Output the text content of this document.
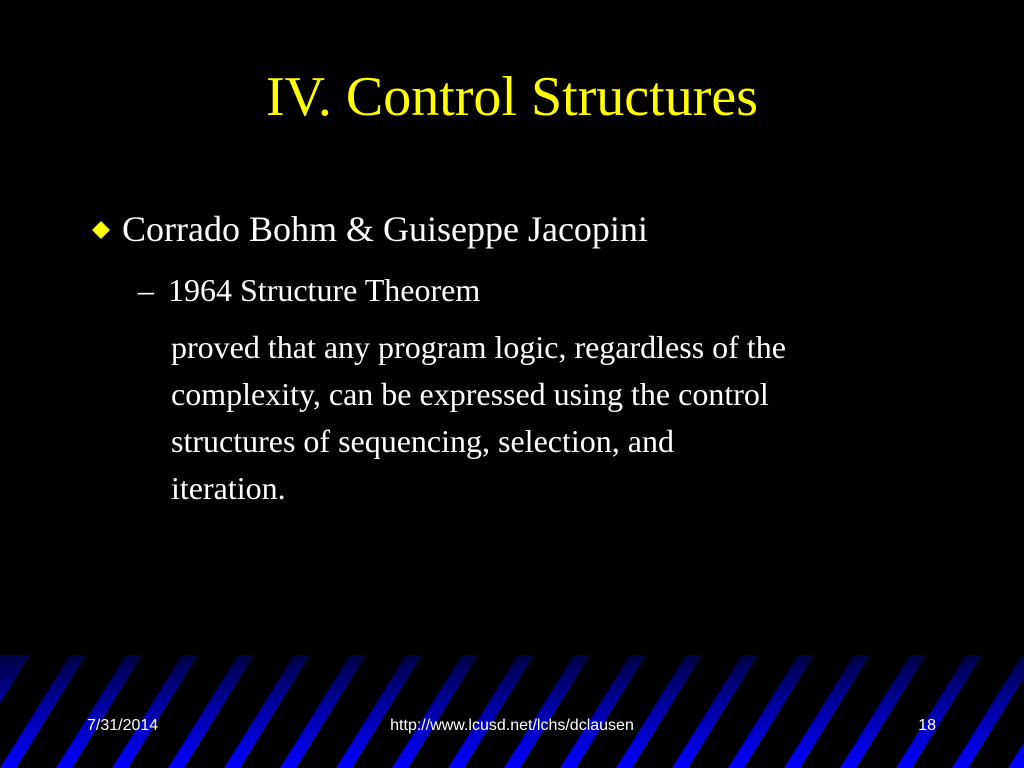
IV. Control Structures
Corrado Bohm & Guiseppe Jacopini
– 1964 Structure Theorem
proved that any program logic, regardless of the
complexity, can be expressed using the control
structures of sequencing, selection, and
iteration.
7/31/2014	http://www.lcusd.net/lchs/dclausen	18
